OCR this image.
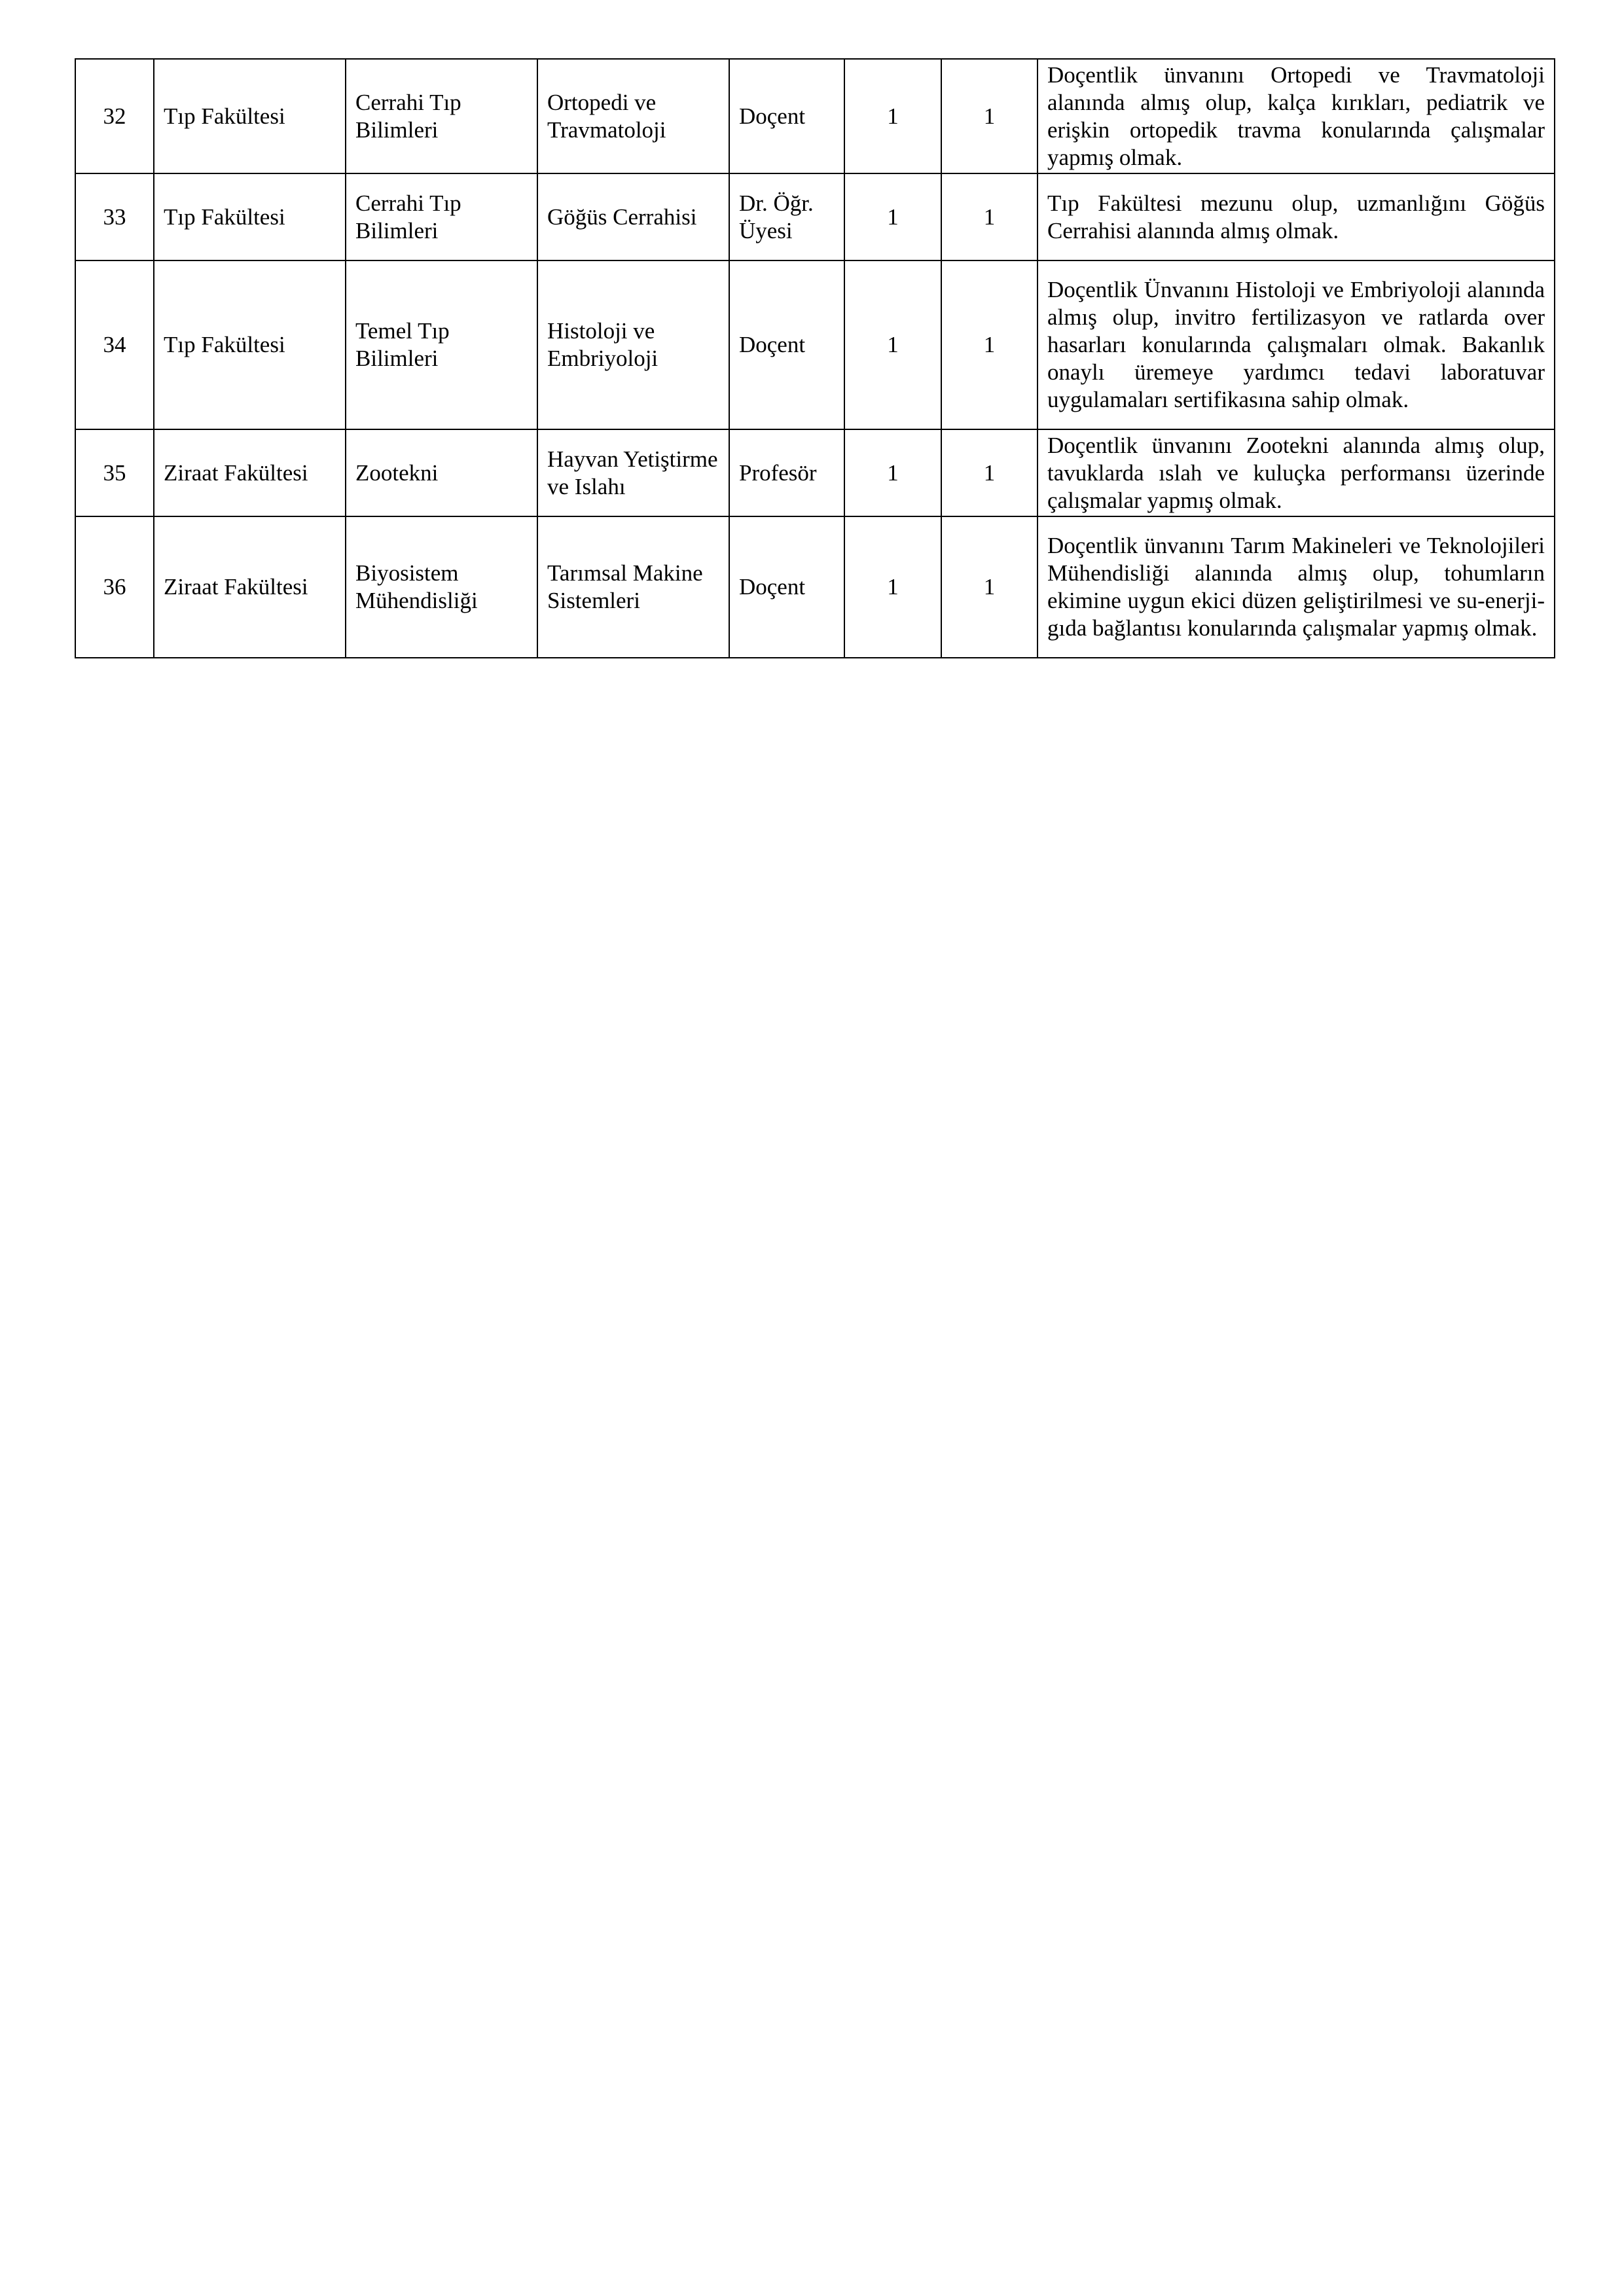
32	Tıp Fakültesi	Cerrahi Tıp Bilimleri	Ortopedi ve Travmatoloji	Doçent	1	1	Doçentlik ünvanını Ortopedi ve Travmatoloji alanında almış olup, kalça kırıkları, pediatrik ve erişkin ortopedik travma konularında çalışmalar yapmış olmak.
33	Tıp Fakültesi	Cerrahi Tıp Bilimleri	Göğüs Cerrahisi	Dr. Öğr. Üyesi	1	1	Tıp Fakültesi mezunu olup, uzmanlığını Göğüs Cerrahisi alanında almış olmak.
34	Tıp Fakültesi	Temel Tıp Bilimleri	Histoloji ve Embriyoloji	Doçent	1	1	Doçentlik Ünvanını Histoloji ve Embriyoloji alanında almış olup, invitro fertilizasyon ve ratlarda over hasarları konularında çalışmaları olmak. Bakanlık onaylı üremeye yardımcı tedavi laboratuvar uygulamaları sertifikasına sahip olmak.
35	Ziraat Fakültesi	Zootekni	Hayvan Yetiştirme ve Islahı	Profesör	1	1	Doçentlik ünvanını Zootekni alanında almış olup, tavuklarda ıslah ve kuluçka performansı üzerinde çalışmalar yapmış olmak.
36	Ziraat Fakültesi	Biyosistem Mühendisliği	Tarımsal Makine Sistemleri	Doçent	1	1	Doçentlik ünvanını Tarım Makineleri ve Teknolojileri Mühendisliği alanında almış olup, tohumların ekimine uygun ekici düzen geliştirilmesi ve su-enerji-gıda bağlantısı konularında çalışmalar yapmış olmak.
